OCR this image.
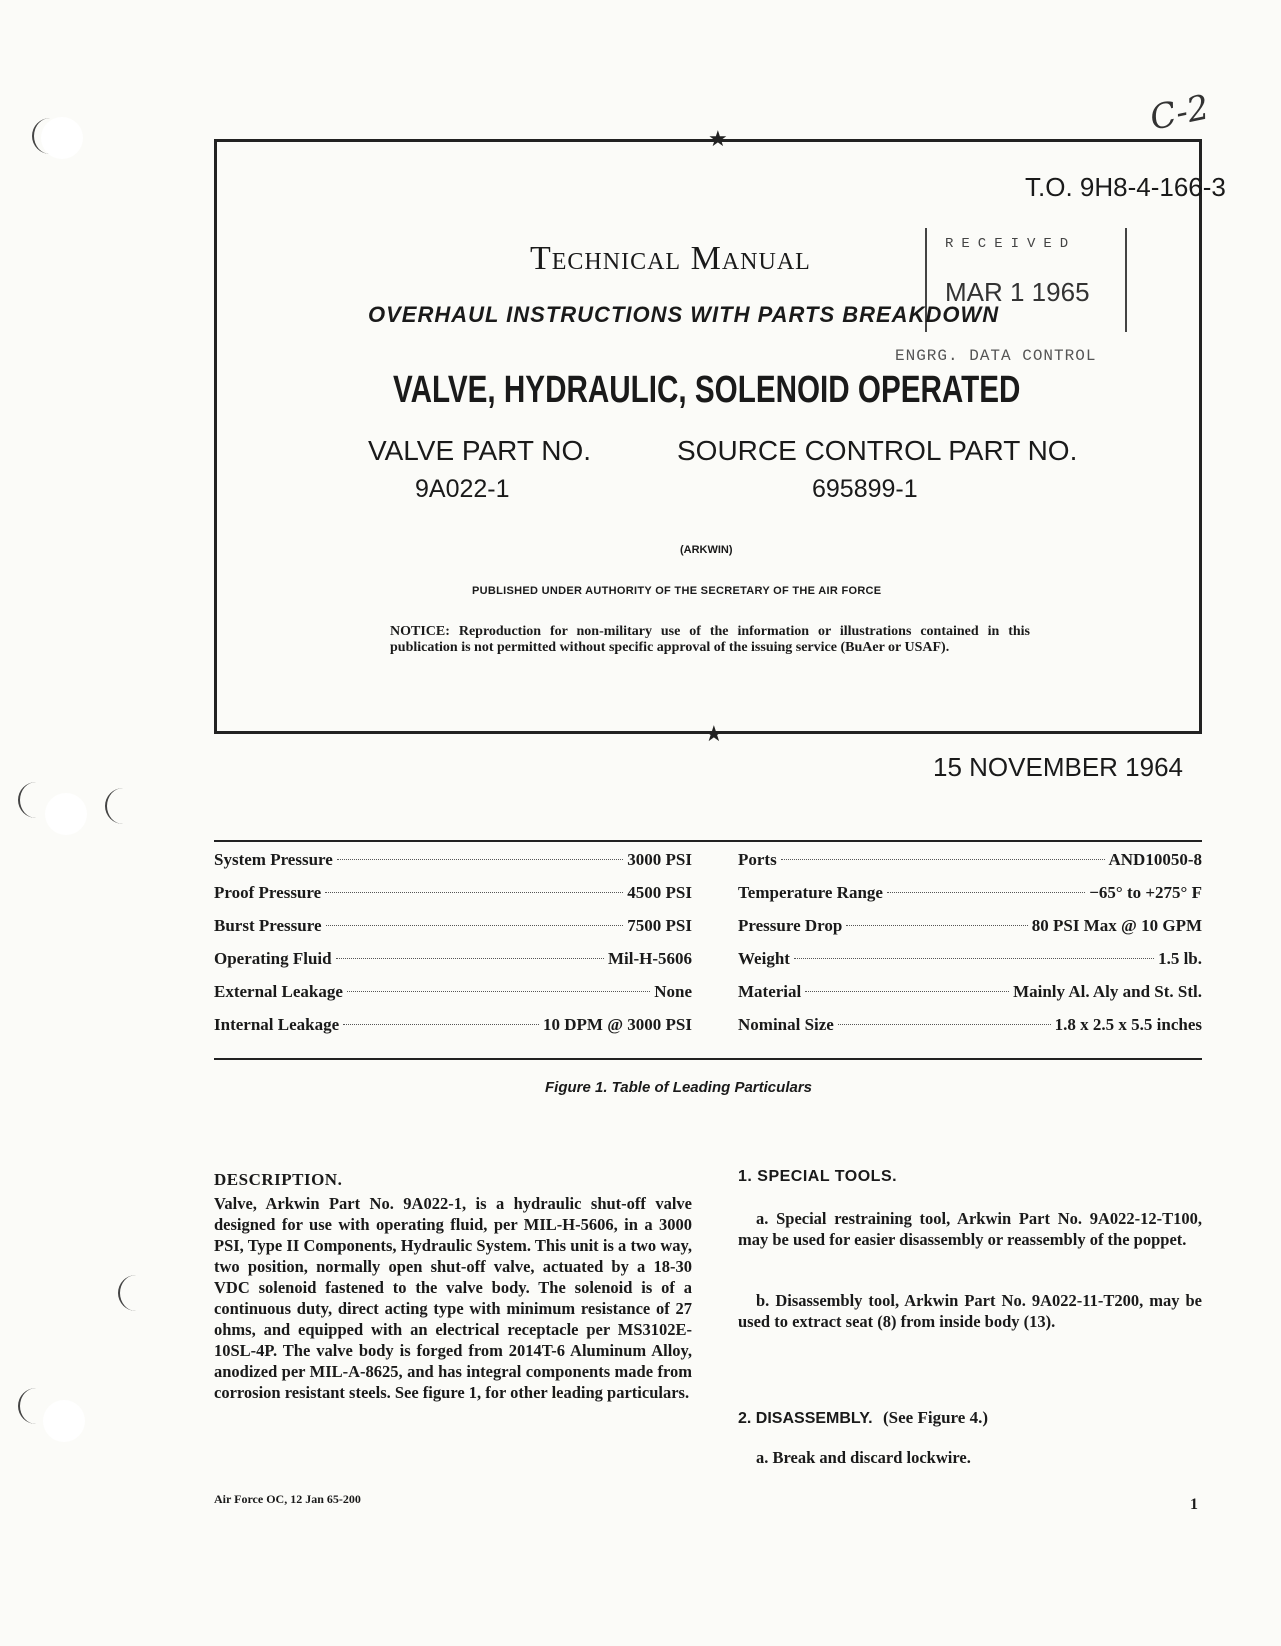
C-2
★
★
T.O. 9H8-4-166-3
RECEIVED
MAR 1 1965
ENGRG. DATA CONTROL
Technical Manual
OVERHAUL INSTRUCTIONS WITH PARTS BREAKDOWN
VALVE, HYDRAULIC, SOLENOID OPERATED
VALVE PART NO.
9A022-1
SOURCE CONTROL PART NO.
695899-1
(ARKWIN)
PUBLISHED UNDER AUTHORITY OF THE SECRETARY OF THE AIR FORCE
NOTICE: Reproduction for non-military use of the information or illustrations contained in this publication is not permitted without specific approval of the issuing service (BuAer or USAF).
15 NOVEMBER 1964
System Pressure	3000 PSI
Proof Pressure	4500 PSI
Burst Pressure	7500 PSI
Operating Fluid	Mil-H-5606
External Leakage	None
Internal Leakage	10 DPM @ 3000 PSI
Ports	AND10050-8
Temperature Range	−65° to +275° F
Pressure Drop	80 PSI Max @ 10 GPM
Weight	1.5 lb.
Material	Mainly Al. Aly and St. Stl.
Nominal Size	1.8 x 2.5 x 5.5 inches
Figure 1. Table of Leading Particulars
DESCRIPTION.
Valve, Arkwin Part No. 9A022-1, is a hydraulic shut-off valve designed for use with operating fluid, per MIL-H-5606, in a 3000 PSI, Type II Components, Hydraulic System. This unit is a two way, two position, normally open shut-off valve, actuated by a 18-30 VDC solenoid fastened to the valve body. The solenoid is of a continuous duty, direct acting type with minimum resistance of 27 ohms, and equipped with an electrical receptacle per MS3102E-10SL-4P. The valve body is forged from 2014T-6 Aluminum Alloy, anodized per MIL-A-8625, and has integral components made from corrosion resistant steels. See figure 1, for other leading particulars.
1. SPECIAL TOOLS.
a. Special restraining tool, Arkwin Part No. 9A022-12-T100, may be used for easier disassembly or reassembly of the poppet.
b. Disassembly tool, Arkwin Part No. 9A022-11-T200, may be used to extract seat (8) from inside body (13).
2. DISASSEMBLY. (See Figure 4.)
a. Break and discard lockwire.
Air Force OC, 12 Jan 65-200	1
